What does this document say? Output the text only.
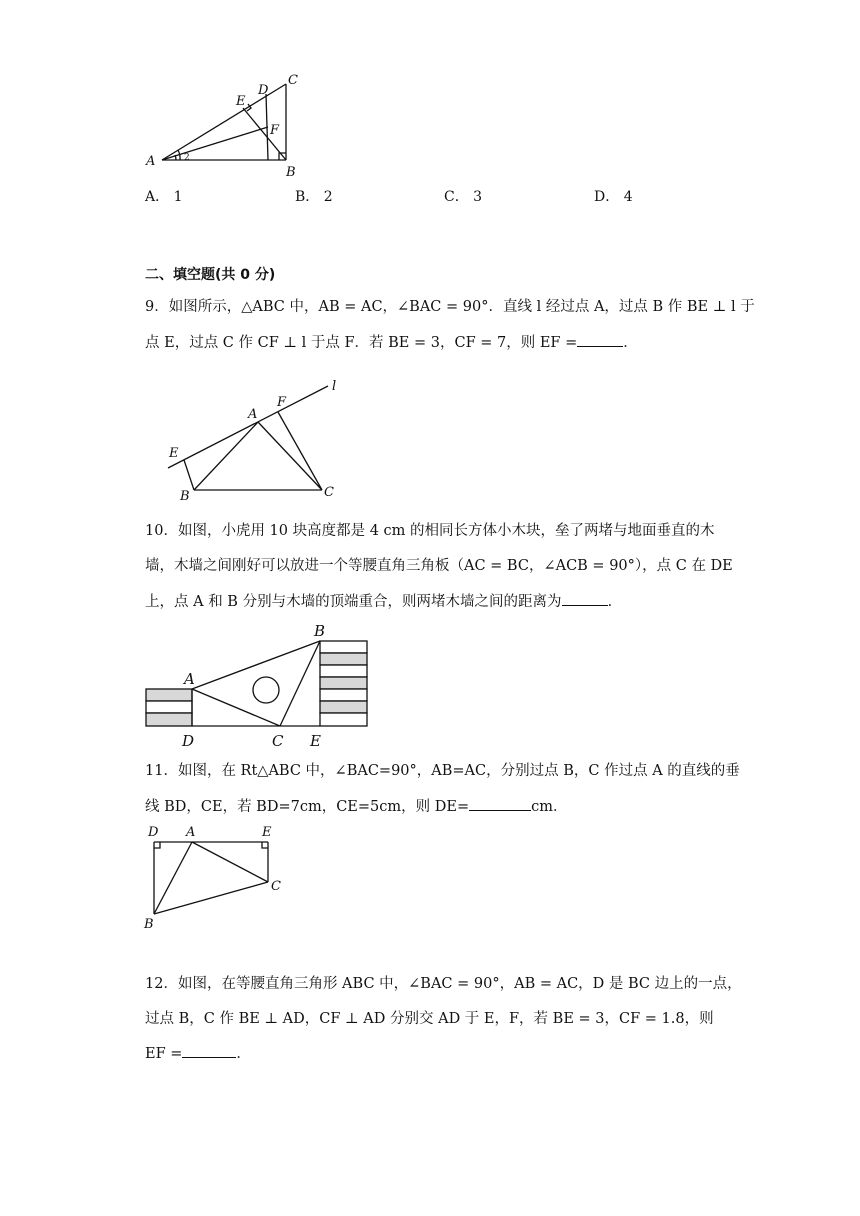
A
B
C
D
E
F
2
A． 1	B． 2	C． 3	D． 4
二、填空题(共 0 分)
9．如图所示，△ABC 中，AB = AC，∠BAC = 90°．直线 l 经过点 A，过点 B 作 BE ⊥ l 于
点 E，过点 C 作 CF ⊥ l 于点 F．若 BE = 3，CF = 7，则 EF =	．
l
A
F
E
B	C
10．如图，小虎用 10 块高度都是 4 cm 的相同长方体小木块，垒了两堵与地面垂直的木
墙，木墙之间刚好可以放进一个等腰直角三角板（AC = BC，∠ACB = 90°），点 C 在 DE
上，点 A 和 B 分别与木墙的顶端重合，则两堵木墙之间的距离为	．
A
B
D	C E
11．如图，在 Rt△ABC 中，∠BAC=90°，AB=AC，分别过点 B，C 作过点 A 的直线的垂
线 BD，CE，若 BD=7cm，CE=5cm，则 DE=	cm．
D A	E
C
B
12．如图，在等腰直角三角形 ABC 中，∠BAC = 90°，AB = AC，D 是 BC 边上的一点，
过点 B，C 作 BE ⊥ AD，CF ⊥ AD 分别交 AD 于 E，F，若 BE = 3，CF = 1.8，则
EF =	．
